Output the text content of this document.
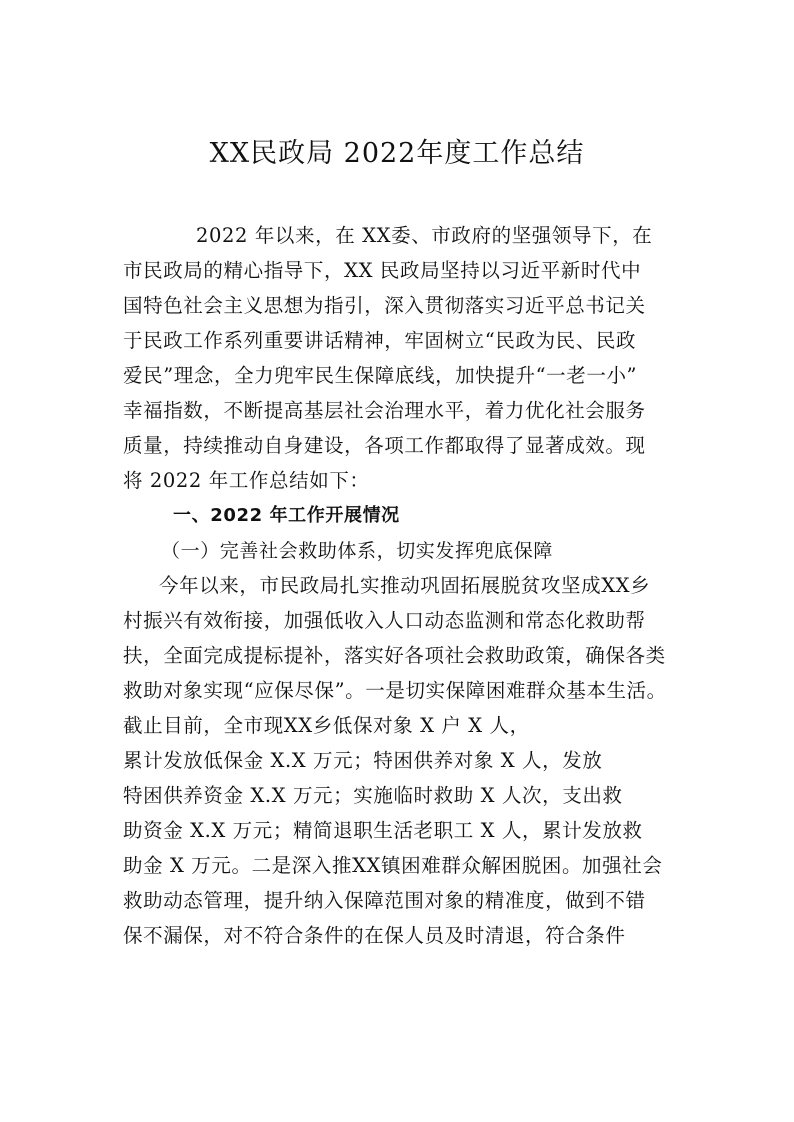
XX民政局 2022年度工作总结
2022 年以来，在 XX委、市政府的坚强领导下，在
市民政局的精心指导下，XX 民政局坚持以习近平新时代中
国特色社会主义思想为指引，深入贯彻落实习近平总书记关
于民政工作系列重要讲话精神，牢固树立“民政为民、民政
爱民”理念，全力兜牢民生保障底线，加快提升“一老一小”
幸福指数，不断提高基层社会治理水平，着力优化社会服务
质量，持续推动自身建设，各项工作都取得了显著成效。现
将 2022 年工作总结如下：
一、2022 年工作开展情况
（一）完善社会救助体系，切实发挥兜底保障
今年以来，市民政局扎实推动巩固拓展脱贫攻坚成XX乡
村振兴有效衔接，加强低收入人口动态监测和常态化救助帮
扶，全面完成提标提补，落实好各项社会救助政策，确保各类
救助对象实现“应保尽保”。一是切实保障困难群众基本生活。
截止目前，全市现XX乡低保对象 X 户 X 人，
累计发放低保金 X.X 万元；特困供养对象 X 人，发放
特困供养资金 X.X 万元；实施临时救助 X 人次，支出救
助资金 X.X 万元；精简退职生活老职工 X 人，累计发放救
助金 X 万元。二是深入推XX镇困难群众解困脱困。加强社会
救助动态管理，提升纳入保障范围对象的精准度，做到不错
保不漏保，对不符合条件的在保人员及时清退，符合条件
